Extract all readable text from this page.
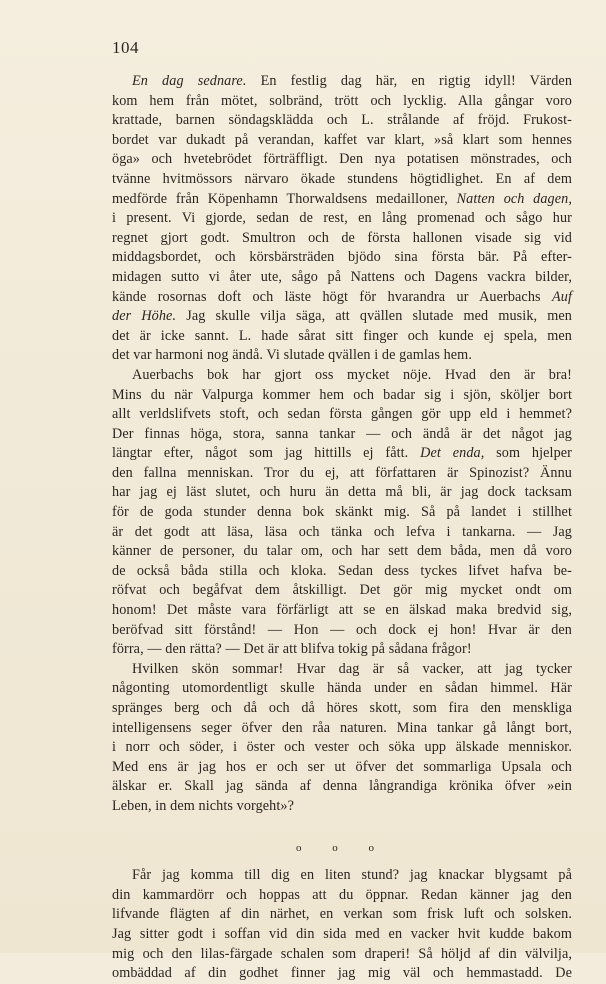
104
En dag sednare. En festlig dag här, en rigtig idyll! Värden
kom hem från mötet, solbränd, trött och lycklig. Alla gångar voro
krattade, barnen söndagsklädda och L. strålande af fröjd. Frukost-
bordet var dukadt på verandan, kaffet var klart, »så klart som hennes
öga» och hvetebrödet förträffligt. Den nya potatisen mönstrades, och
tvänne hvitmössors närvaro ökade stundens högtidlighet. En af dem
medförde från Köpenhamn Thorwaldsens medailloner, Natten och dagen,
i present. Vi gjorde, sedan de rest, en lång promenad och sågo hur
regnet gjort godt. Smultron och de första hallonen visade sig vid
middagsbordet, och körsbärsträden bjödo sina första bär. På efter-
midagen sutto vi åter ute, sågo på Nattens och Dagens vackra bilder,
kände rosornas doft och läste högt för hvarandra ur Auerbachs Auf
der Höhe. Jag skulle vilja säga, att qvällen slutade med musik, men
det är icke sannt. L. hade sårat sitt finger och kunde ej spela, men
det var harmoni nog ändå. Vi slutade qvällen i de gamlas hem.
Auerbachs bok har gjort oss mycket nöje. Hvad den är bra!
Mins du när Valpurga kommer hem och badar sig i sjön, sköljer bort
allt verldslifvets stoft, och sedan första gången gör upp eld i hemmet?
Der finnas höga, stora, sanna tankar — och ändå är det något jag
längtar efter, något som jag hittills ej fått. Det enda, som hjelper
den fallna menniskan. Tror du ej, att författaren är Spinozist? Ännu
har jag ej läst slutet, och huru än detta må bli, är jag dock tacksam
för de goda stunder denna bok skänkt mig. Så på landet i stillhet
är det godt att läsa, läsa och tänka och lefva i tankarna. — Jag
känner de personer, du talar om, och har sett dem båda, men då voro
de också båda stilla och kloka. Sedan dess tyckes lifvet hafva be-
röfvat och begåfvat dem åtskilligt. Det gör mig mycket ondt om
honom! Det måste vara förfärligt att se en älskad maka bredvid sig,
beröfvad sitt förstånd! — Hon — och dock ej hon! Hvar är den
förra, — den rätta? — Det är att blifva tokig på sådana frågor!
Hvilken skön sommar! Hvar dag är så vacker, att jag tycker
någonting utomordentligt skulle hända under en sådan himmel. Här
spränges berg och då och då höres skott, som fira den menskliga
intelligensens seger öfver den råa naturen. Mina tankar gå långt bort,
i norr och söder, i öster och vester och söka upp älskade menniskor.
Med ens är jag hos er och ser ut öfver det sommarliga Upsala och
älskar er. Skall jag sända af denna långrandiga krönika öfver »ein
Leben, in dem nichts vorgeht»?
o o o
Får jag komma till dig en liten stund? jag knackar blygsamt på
din kammardörr och hoppas att du öppnar. Redan känner jag den
lifvande flägten af din närhet, en verkan som frisk luft och solsken.
Jag sitter godt i soffan vid din sida med en vacker hvit kudde bakom
mig och den lilas-färgade schalen som draperi! Så höljd af din välvilja,
ombäddad af din godhet finner jag mig väl och hemmastadd. De
